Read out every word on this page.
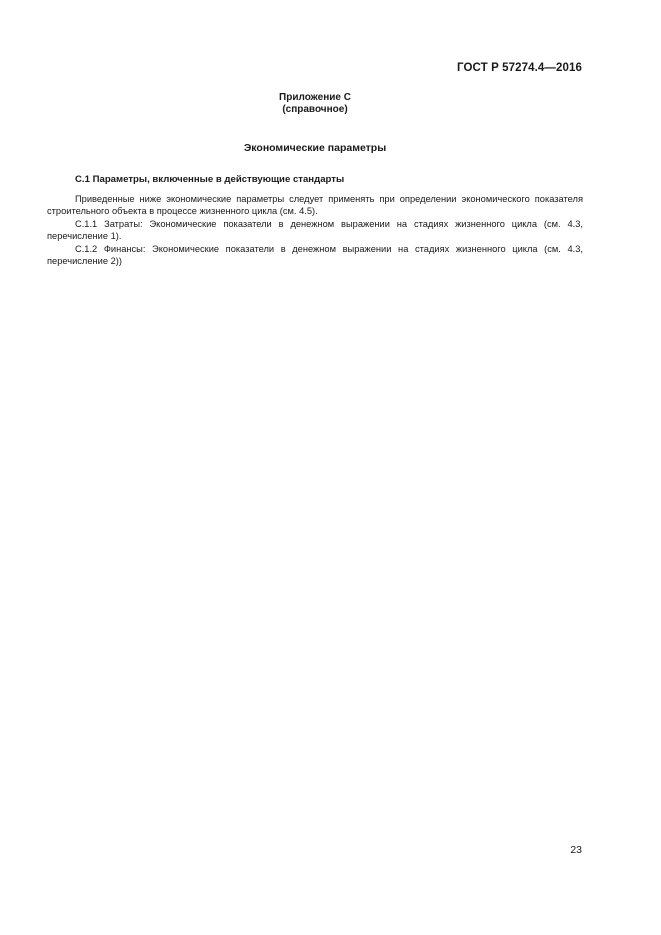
ГОСТ Р 57274.4—2016
Приложение С
(справочное)
Экономические параметры
С.1 Параметры, включенные в действующие стандарты

Приведенные ниже экономические параметры следует применять при определении экономического показателя строительного объекта в процессе жизненного цикла (см. 4.5).

С.1.1 Затраты: Экономические показатели в денежном выражении на стадиях жизненного цикла (см. 4.3, перечисление 1).

С.1.2 Финансы: Экономические показатели в денежном выражении на стадиях жизненного цикла (см. 4.3, перечисление 2))

23
